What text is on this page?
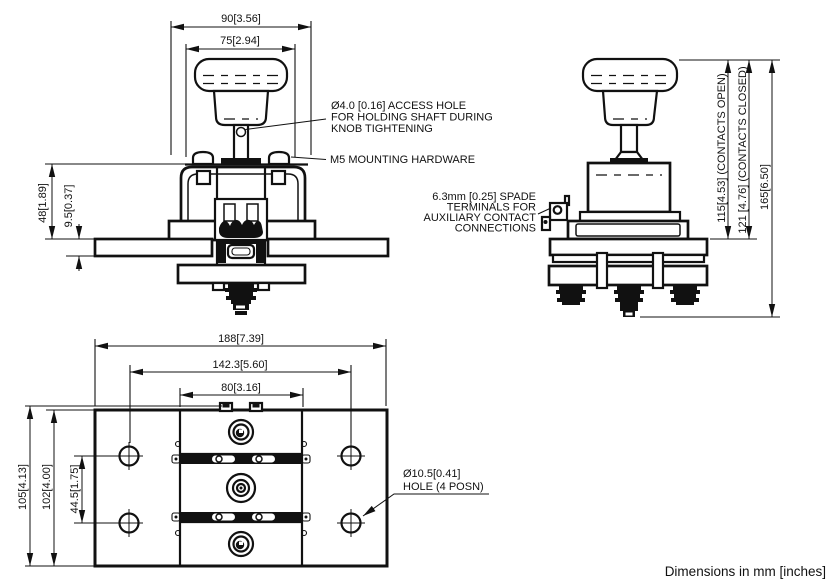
90[3.56]
75[2.94]
48[1.89] 9.5[0.37]
Ø4.0 [0.16] ACCESS HOLE
FOR HOLDING SHAFT DURING
KNOB TIGHTENING
M5 MOUNTING HARDWARE	115[4.53] (CONTACTS OPEN) 121 [4.76] (CONTACTS CLOSED) 165[6.50]
6.3mm [0.25] SPADE
TERMINALS FOR
AUXILIARY CONTACT
CONNECTIONS
188[7.39]
142.3[5.60]
80[3.16]
105[4.13] 102[4.00] 44.5[1.75]	Ø10.5[0.41]
HOLE (4 POSN)
Dimensions in mm [inches]
